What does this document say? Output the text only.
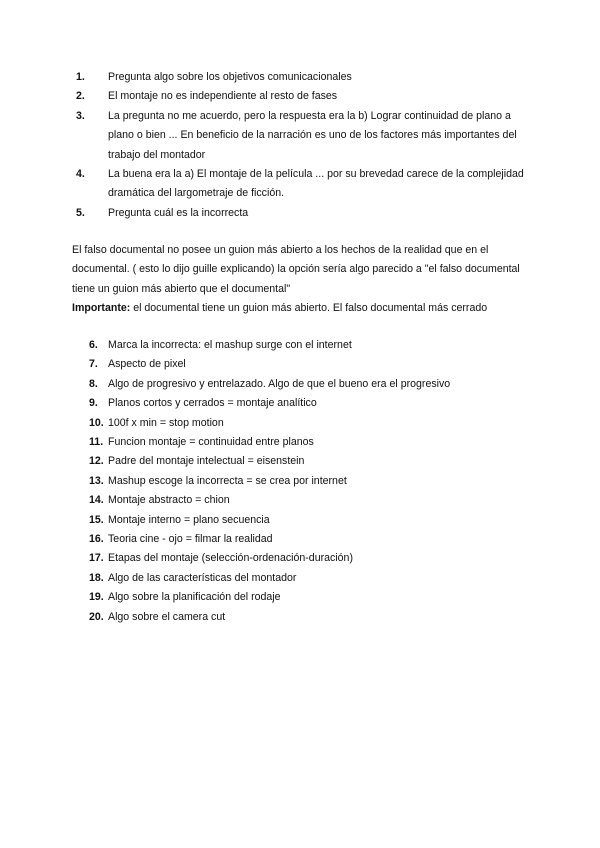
1.	Pregunta algo sobre los objetivos comunicacionales
2.	El montaje no es independiente al resto de fases
3.	La pregunta no me acuerdo, pero la respuesta era la b) Lograr continuidad de plano a plano o bien ... En beneficio de la narración es uno de los factores más importantes del trabajo del montador
4.	La buena era la a) El montaje de la película ... por su brevedad carece de la complejidad dramática del largometraje de ficción.
5.	Pregunta cuál es la incorrecta

El falso documental no posee un guion más abierto a los hechos de la realidad que en el documental. ( esto lo dijo guille explicando) la opción sería algo parecido a "el falso documental tiene un guion más abierto que el documental"

Importante: el documental tiene un guion más abierto. El falso documental más cerrado

6. Marca la incorrecta: el mashup surge con el internet
7. Aspecto de pixel
8. Algo de progresivo y entrelazado. Algo de que el bueno era el progresivo
9. Planos cortos y cerrados = montaje analítico
10. 100f x min = stop motion
11. Funcion montaje = continuidad entre planos
12. Padre del montaje intelectual = eisenstein
13. Mashup escoge la incorrecta = se crea por internet
14. Montaje abstracto = chion
15. Montaje interno = plano secuencia
16. Teoria cine - ojo = filmar la realidad
17. Etapas del montaje (selección-ordenación-duración)
18. Algo de las características del montador
19. Algo sobre la planificación del rodaje
20. Algo sobre el camera cut
